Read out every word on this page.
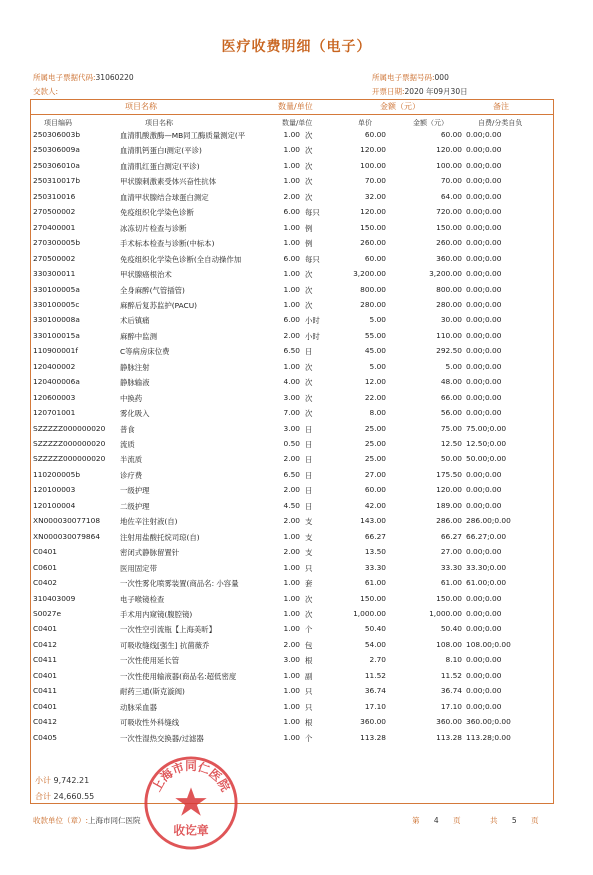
医疗收费明细（电子）
所属电子票据代码:31060220
交款人:
所属电子票据号码:000
开票日期:2020 年09月30日
项目名称	数量/单位	金额（元）	备注
项目编码	项目名称	数量/单位	单价	金额（元）	自费/分类自负
250306003b	血清肌酸激酶—MB同工酶质量测定(平	1.00 次	60.00	60.00 0.00;0.00
250306009a	血清肌钙蛋白Ⅰ测定(平诊)	1.00 次	120.00	120.00 0.00;0.00
250306010a	血清肌红蛋白测定(平诊)	1.00 次	100.00	100.00 0.00;0.00
250310017b	甲状腺刺激素受体兴奋性抗体	1.00 次	70.00	70.00 0.00;0.00
250310016	血清甲状腺结合球蛋白测定	2.00 次	32.00	64.00 0.00;0.00
270500002	免疫组织化学染色诊断	6.00 每只	120.00	720.00 0.00;0.00
270400001	冰冻切片检查与诊断	1.00 例	150.00	150.00 0.00;0.00
270300005b	手术标本检查与诊断(中标本)	1.00 例	260.00	260.00 0.00;0.00
270500002	免疫组织化学染色诊断(全自动操作加	6.00 每只	60.00	360.00 0.00;0.00
330300011	甲状腺癌根治术	1.00 次	3,200.00	3,200.00 0.00;0.00
330100005a	全身麻醉(气管插管)	1.00 次	800.00	800.00 0.00;0.00
330100005c	麻醉后复苏监护(PACU)	1.00 次	280.00	280.00 0.00;0.00
330100008a	术后镇痛	6.00 小时	5.00	30.00 0.00;0.00
330100015a	麻醉中监测	2.00 小时	55.00	110.00 0.00;0.00
110900001f	C等病房床位费	6.50 日	45.00	292.50 0.00;0.00
120400002	静脉注射	1.00 次	5.00	5.00 0.00;0.00
120400006a	静脉输液	4.00 次	12.00	48.00 0.00;0.00
120600003	中换药	3.00 次	22.00	66.00 0.00;0.00
120701001	雾化吸入	7.00 次	8.00	56.00 0.00;0.00
SZZZZZ000000020	普食	3.00 日	25.00	75.00 75.00;0.00
SZZZZZ000000020	流质	0.50 日	25.00	12.50 12.50;0.00
SZZZZZ000000020	半流质	2.00 日	25.00	50.00 50.00;0.00
110200005b	诊疗费	6.50 日	27.00	175.50 0.00;0.00
120100003	一级护理	2.00 日	60.00	120.00 0.00;0.00
120100004	二级护理	4.50 日	42.00	189.00 0.00;0.00
XN000030077108	地佐辛注射液(自)	2.00 支	143.00	286.00 286.00;0.00
XN000030079864	注射用盐酸托烷司琼(自)	1.00 支	66.27	66.27 66.27;0.00
C0401	密闭式静脉留置针	2.00 支	13.50	27.00 0.00;0.00
C0601	医用固定带	1.00 只	33.30	33.30 33.30;0.00
C0402	一次性雾化喷雾装置(商品名: 小容量	1.00 套	61.00	61.00 61.00;0.00
310403009	电子喉镜检查	1.00 次	150.00	150.00 0.00;0.00
S0027e	手术用内窥镜(腹腔镜)	1.00 次	1,000.00	1,000.00 0.00;0.00
C0401	一次性空引流瓶【上海美昕】	1.00 个	50.40	50.40 0.00;0.00
C0412	可吸收缝线[强生] 抗菌薇乔	2.00 包	54.00	108.00 108.00;0.00
C0411	一次性使用延长管	3.00 根	2.70	8.10 0.00;0.00
C0401	一次性使用输液器(商品名:超低密度	1.00 副	11.52	11.52 0.00;0.00
C0411	耐药三通(斯克漩阀)	1.00 只	36.74	36.74 0.00;0.00
C0401	动脉采血器	1.00 只	17.10	17.10 0.00;0.00
C0412	可吸收性外科缝线	1.00 根	360.00	360.00 360.00;0.00
C0405	一次性湿热交换器/过滤器	1.00 个	113.28	113.28 113.28;0.00
小计 9,742.21
合计 24,660.55
收款单位（章）:上海市同仁医院	第 4 页	共 5 页
上海市同仁医院
收讫章
